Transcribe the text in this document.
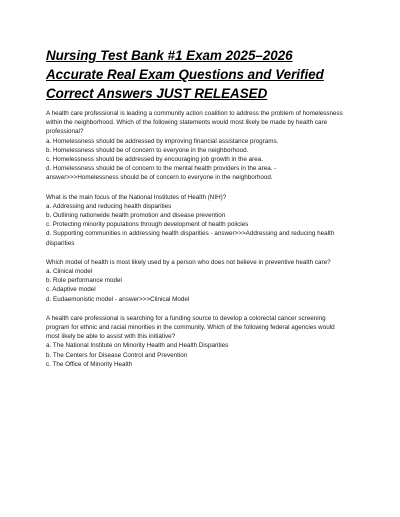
Nursing Test Bank #1 Exam 2025–2026 Accurate Real Exam Questions and Verified Correct Answers JUST RELEASED

A health care professional is leading a community action coalition to address the problem of homelessness within the neighborhood. Which of the following statements would most likely be made by health care professional?

a. Homelessness should be addressed by improving financial assistance programs.
b. Homelessness should be of concern to everyone in the neighborhood.
c. Homelessness should be addressed by encouraging job growth in the area.
d. Homelessness should be of concern to the mental health providers in the area. - answer>>>Homelessness should be of concern to everyone in the neighborhood.

What is the main focus of the National Institutes of Health (NIH)?

a. Addressing and reducing health disparities
b. Outlining nationwide health promotion and disease prevention
c. Protecting minority populations through development of health policies
d. Supporting communities in addressing health disparities - answer>>>Addressing and reducing health disparities

Which model of health is most likely used by a person who does not believe in preventive health care?

a. Clinical model
b. Role performance model
c. Adaptive model
d. Eudaemonistic model - answer>>>Clinical Model

A health care professional is searching for a funding source to develop a colorectal cancer screening program for ethnic and racial minorities in the community. Which of the following federal agencies would most likely be able to assist with this initiative?

a. The National Institute on Minority Health and Health Disparities
b. The Centers for Disease Control and Prevention
c. The Office of Minority Health
